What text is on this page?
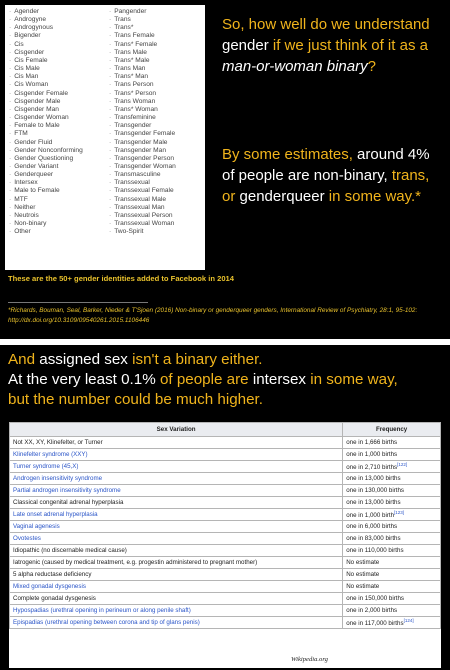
· Agender
· Androgyne
· Androgynous
· Bigender
· Cis
· Cisgender
· Cis Female
· Cis Male
· Cis Man
· Cis Woman
· Cisgender Female
· Cisgender Male
· Cisgender Man
· Cisgender Woman
· Female to Male
· FTM
· Gender Fluid
· Gender Nonconforming
· Gender Questioning
· Gender Variant
· Genderqueer
· Intersex
· Male to Female
· MTF
· Neither
· Neutrois
· Non-binary
· Other
· Pangender
· Trans
· Trans*
· Trans Female
· Trans* Female
· Trans Male
· Trans* Male
· Trans Man
· Trans* Man
· Trans Person
· Trans* Person
· Trans Woman
· Trans* Woman
· Transfeminine
· Transgender
· Transgender Female
· Transgender Male
· Transgender Man
· Transgender Person
· Transgender Woman
· Transmasculine
· Transsexual
· Transsexual Female
· Transsexual Male
· Transsexual Man
· Transsexual Person
· Transsexual Woman
· Two-Spirit
These are the 50+ gender identities added to Facebook in 2014
So, how well do we understand gender if we just think of it as a man-or-woman binary?
By some estimates, around 4% of people are non-binary, trans, or genderqueer in some way.*
*Richards, Bouman, Seal, Barker, Nieder & T'Sjoen (2016) Non-binary or genderqueer genders, International Review of Psychiatry, 28:1, 95-102: http://dx.doi.org/10.3109/09540261.2015.1106446
And assigned sex isn't a binary either.
At the very least 0.1% of people are intersex in some way,
but the number could be much higher.
Sex Variation	Frequency
Not XX, XY, Klinefelter, or Turner	one in 1,666 births
Klinefelter syndrome (XXY)	one in 1,000 births
Turner syndrome (45,X)	one in 2,710 births[122]
Androgen insensitivity syndrome	one in 13,000 births
Partial androgen insensitivity syndrome	one in 130,000 births
Classical congenital adrenal hyperplasia	one in 13,000 births
Late onset adrenal hyperplasia	one in 1,000 birth[123]
Vaginal agenesis	one in 6,000 births
Ovotestes	one in 83,000 births
Idiopathic (no discernable medical cause)	one in 110,000 births
Iatrogenic (caused by medical treatment, e.g. progestin administered to pregnant mother)	No estimate
5 alpha reductase deficiency	No estimate
Mixed gonadal dysgenesis	No estimate
Complete gonadal dysgenesis	one in 150,000 births
Hypospadias (urethral opening in perineum or along penile shaft)	one in 2,000 births
Epispadias (urethral opening between corona and tip of glans penis)	one in 117,000 births[124]
Wikipedia.org
